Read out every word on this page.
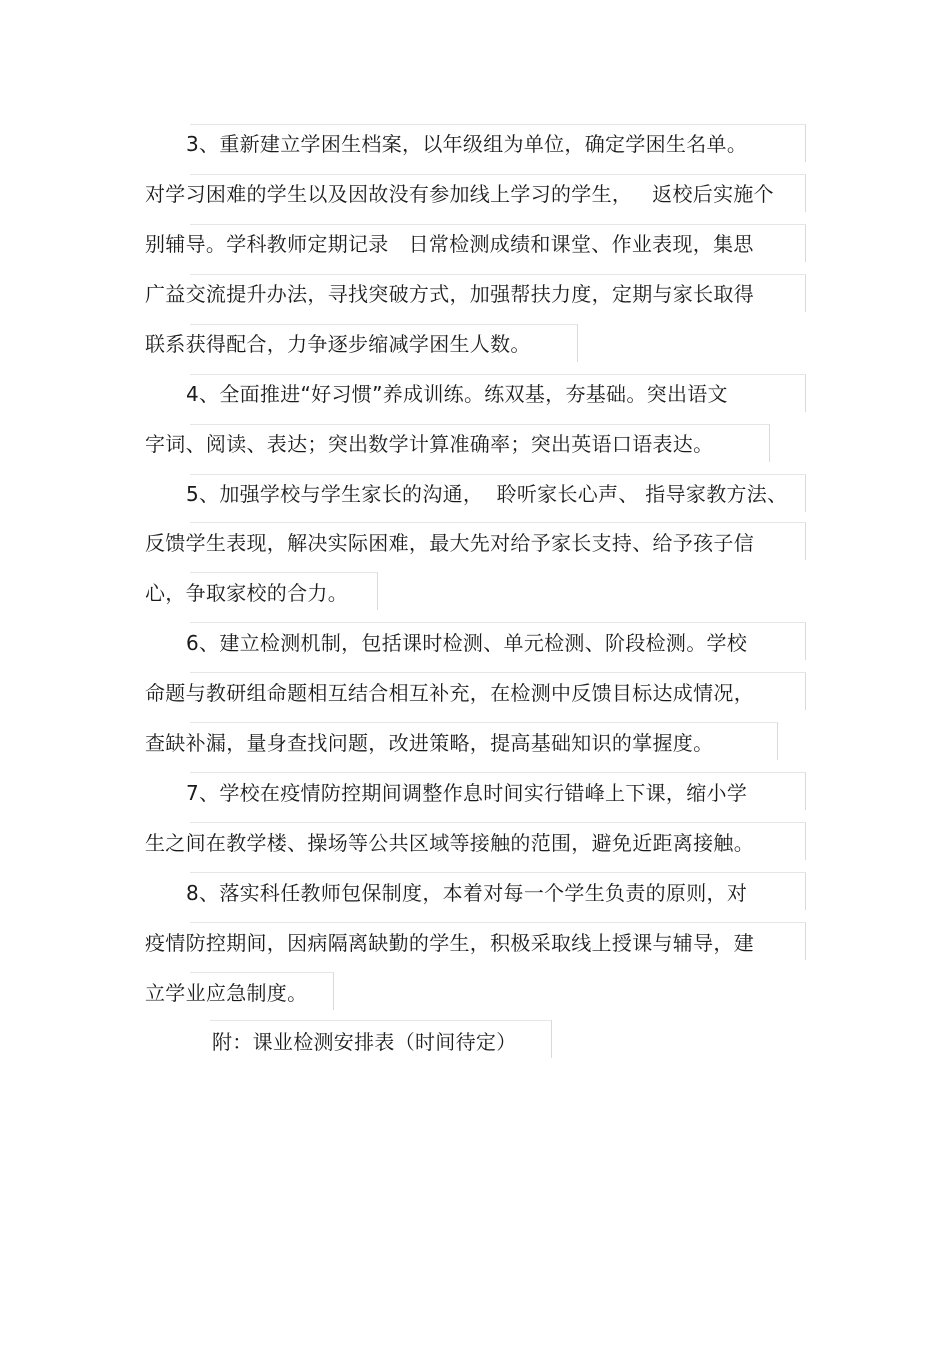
3、重新建立学困生档案，以年级组为单位，确定学困生名单。
对学习困难的学生以及因故没有参加线上学习的学生，   返校后实施个
别辅导。学科教师定期记录   日常检测成绩和课堂、作业表现，集思
广益交流提升办法，寻找突破方式，加强帮扶力度，定期与家长取得
联系获得配合，力争逐步缩减学困生人数。
4、全面推进“好习惯”养成训练。练双基，夯基础。突出语文
字词、阅读、表达；突出数学计算准确率；突出英语口语表达。
5、加强学校与学生家长的沟通，  聆听家长心声、 指导家教方法、
反馈学生表现，解决实际困难，最大先对给予家长支持、给予孩子信
心，争取家校的合力。
6、建立检测机制，包括课时检测、单元检测、阶段检测。学校
命题与教研组命题相互结合相互补充，在检测中反馈目标达成情况，
查缺补漏，量身查找问题，改进策略，提高基础知识的掌握度。
7、学校在疫情防控期间调整作息时间实行错峰上下课，缩小学
生之间在教学楼、操场等公共区域等接触的范围，避免近距离接触。
8、落实科任教师包保制度，本着对每一个学生负责的原则，对
疫情防控期间，因病隔离缺勤的学生，积极采取线上授课与辅导，建
立学业应急制度。
附：课业检测安排表（时间待定）
